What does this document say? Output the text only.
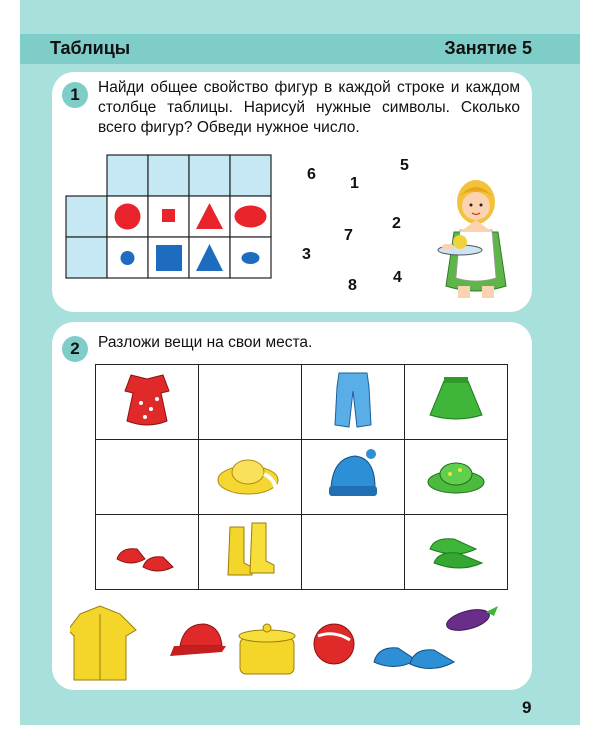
Таблицы	Занятие 5
1	Найди общее свойство фигур в каждой строке и каждом столбце таблицы. Нарисуй нужные символы. Сколько всего фигур? Обведи нужное число.
6
1
5
7
2
3
8 4
2	Разложи вещи на свои места.

9
